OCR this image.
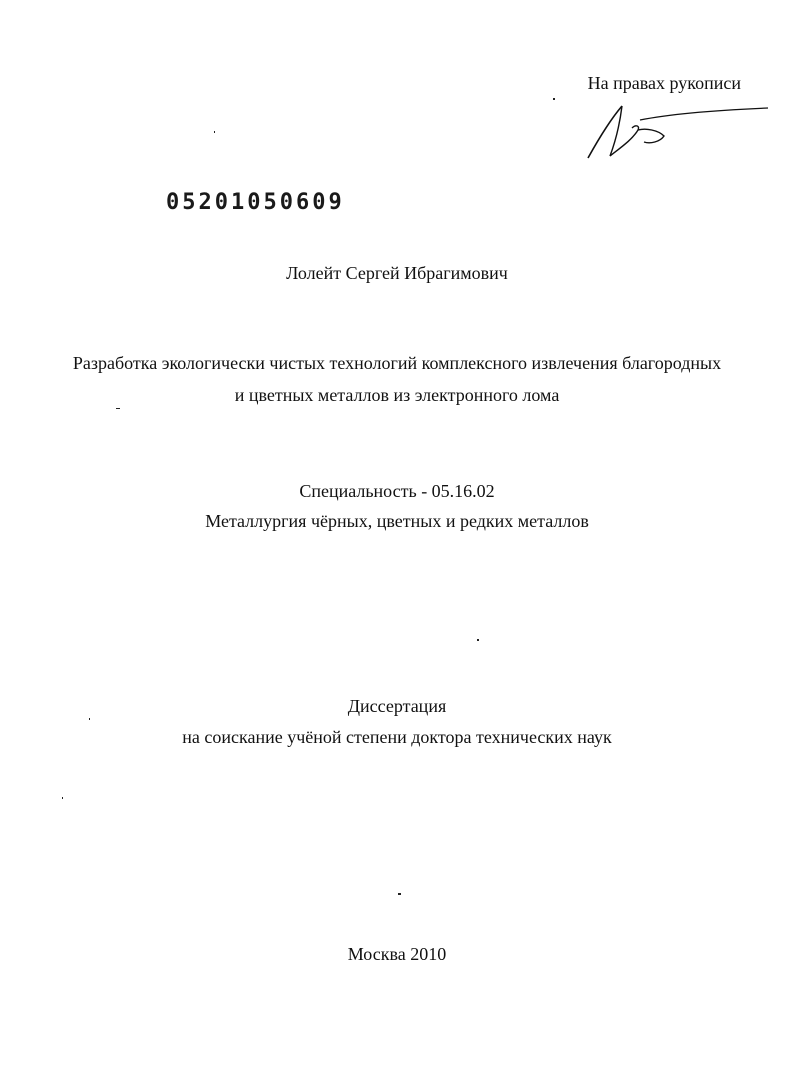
На правах рукописи
05201050609
Лолейт Сергей Ибрагимович
Разработка экологически чистых технологий комплексного извлечения благородных
и цветных металлов из электронного лома
Специальность - 05.16.02
Металлургия чёрных, цветных и редких металлов
Диссертация
на соискание учёной степени доктора технических наук
Москва 2010
